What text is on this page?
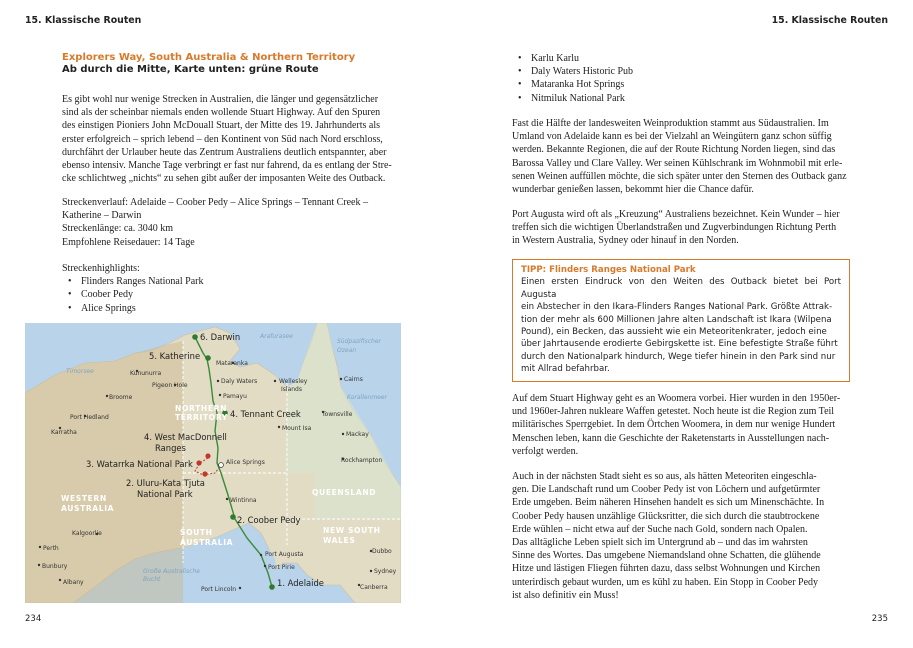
15. Klassische Routen
Explorers Way, South Australia & Northern Territory
Ab durch die Mitte, Karte unten: grüne Route

Es gibt wohl nur wenige Strecken in Australien, die länger und gegensätzlicher

sind als der scheinbar niemals enden wollende Stuart Highway. Auf den Spuren

des einstigen Pioniers John McDouall Stuart, der Mitte des 19. Jahrhunderts als

erster erfolgreich – sprich lebend – den Kontinent von Süd nach Nord erschloss,

durchfährt der Urlauber heute das Zentrum Australiens deutlich entspannter, aber

ebenso intensiv. Manche Tage verbringt er fast nur fahrend, da es entlang der Stre-

cke schlichtweg „nichts“ zu sehen gibt außer der imposanten Weite des Outback.

Streckenverlauf: Adelaide – Coober Pedy – Alice Springs – Tennant Creek –

Katherine – Darwin

Streckenlänge: ca. 3040 km

Empfohlene Reisedauer: 14 Tage

Streckenhighlights:

• Flinders Ranges National Park
• Coober Pedy
• Alice Springs
NORTHERN
TERRITORY
WESTERN
AUSTRALIA
SOUTH
AUSTRALIA
QUEENSLAND
NEW SOUTH
WALES
Arafurasee
Südpazifischer
Ozean
Timorsee
Korallenmeer
Große Australische
Bucht
6. Darwin
5. Katherine
4. Tennant Creek
4. West MacDonnell
Ranges
3. Watarrka National Park
2. Uluru-Kata Tjuta
National Park
2. Coober Pedy
1. Adelaide
Mataranka
Kununurra
Pigeon Hole
Daly Waters	Wellesley
Islands
Broome	Pamayu
Port Hedland
Karratha
Mount Isa
Alice Springs
Wintinna
Kalgoorlie
Perth
Bunbury
Albany
Port Augusta
Port Pirie
Port Lincoln
Cairns
Townsville
Mackay
Rockhampton
Dubbo
Sydney
Canberra
234
15. Klassische Routen
• Karlu Karlu
• Daly Waters Historic Pub
• Mataranka Hot Springs
• Nitmiluk National Park

Fast die Hälfte der landesweiten Weinproduktion stammt aus Südaustralien. Im

Umland von Adelaide kann es bei der Vielzahl an Weingütern ganz schon süffig

werden. Bekannte Regionen, die auf der Route Richtung Norden liegen, sind das

Barossa Valley und Clare Valley. Wer seinen Kühlschrank im Wohnmobil mit erle-

senen Weinen auffüllen möchte, die sich später unter den Sternen des Outback ganz

wunderbar genießen lassen, bekommt hier die Chance dafür.

Port Augusta wird oft als „Kreuzung“ Australiens bezeichnet. Kein Wunder – hier

treffen sich die wichtigen Überlandstraßen und Zugverbindungen Richtung Perth

in Western Australia, Sydney oder hinauf in den Norden.

TIPP: Flinders Ranges National Park
Einen ersten Eindruck von den Weiten des Outback bietet bei Port Augusta
ein Abstecher in den Ikara-Flinders Ranges National Park. Größte Attrak-
tion der mehr als 600 Millionen Jahre alten Landschaft ist Ikara (Wilpena
Pound), ein Becken, das aussieht wie ein Meteoritenkrater, jedoch eine
über Jahrtausende erodierte Gebirgskette ist. Eine befestigte Straße führt
durch den Nationalpark hindurch, Wege tiefer hinein in den Park sind nur
mit Allrad befahrbar.

Auf dem Stuart Highway geht es an Woomera vorbei. Hier wurden in den 1950er-

und 1960er-Jahren nukleare Waffen getestet. Noch heute ist die Region zum Teil

militärisches Sperrgebiet. In dem Örtchen Woomera, in dem nur wenige Hundert

Menschen leben, kann die Geschichte der Raketenstarts in Ausstellungen nach-

verfolgt werden.

Auch in der nächsten Stadt sieht es so aus, als hätten Meteoriten eingeschla-

gen. Die Landschaft rund um Coober Pedy ist von Löchern und aufgetürmter

Erde umgeben. Beim näheren Hinsehen handelt es sich um Minenschächte. In

Coober Pedy hausen unzählige Glücksritter, die sich durch die staubtrockene

Erde wühlen – nicht etwa auf der Suche nach Gold, sondern nach Opalen.

Das alltägliche Leben spielt sich im Untergrund ab – und das im wahrsten

Sinne des Wortes. Das umgebene Niemandsland ohne Schatten, die glühende

Hitze und lästigen Fliegen führten dazu, dass selbst Wohnungen und Kirchen

unterirdisch gebaut wurden, um es kühl zu haben. Ein Stopp in Coober Pedy

ist also definitiv ein Muss!

235
